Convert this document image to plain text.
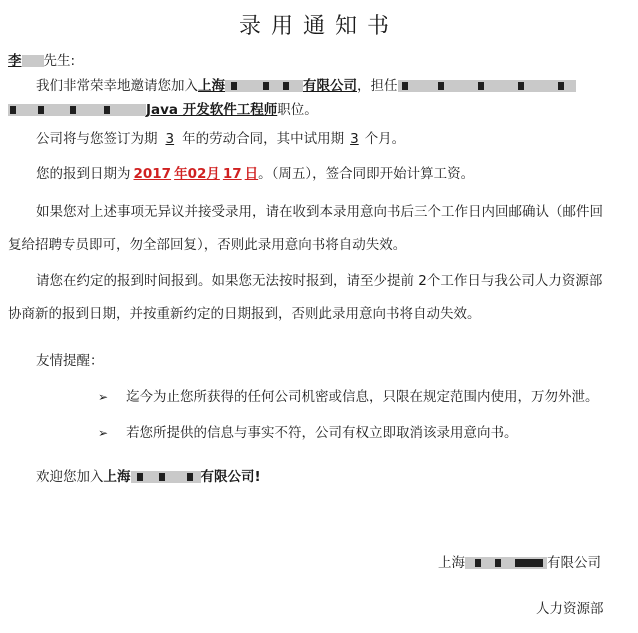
录用通知书
李 先生:
我们非常荣幸地邀请您加入上海	有限公司，担任
Java 开发软件工程师职位。
公司将与您签订为期 3 年的劳动合同，其中试用期 3 个月。
您的报到日期为 2017 年02月 17 日。（周五），签合同即开始计算工资。
如果您对上述事项无异议并接受录用，请在收到本录用意向书后三个工作日内回邮确认（邮件回
复给招聘专员即可，勿全部回复），否则此录用意向书将自动失效。
请您在约定的报到时间报到。如果您无法按时报到，请至少提前 2个工作日与我公司人力资源部
协商新的报到日期，并按重新约定的日期报到，否则此录用意向书将自动失效。
友情提醒：
➢ 迄今为止您所获得的任何公司机密或信息，只限在规定范围内使用，万勿外泄。
➢ 若您所提供的信息与事实不符，公司有权立即取消该录用意向书。
欢迎您加入上海	有限公司!
上海	有限公司
人力资源部
